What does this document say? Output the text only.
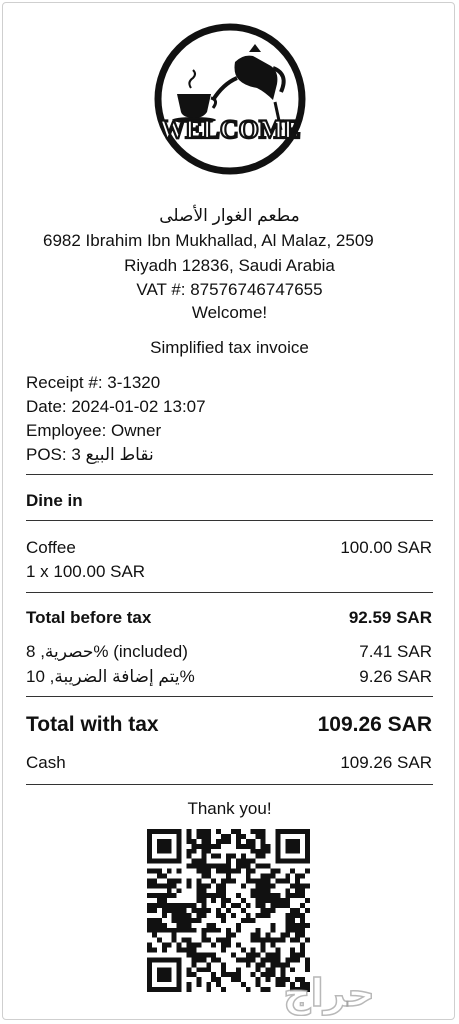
WELCOME
مطعم الغوار الأصلى
6982 Ibrahim Ibn Mukhallad, Al Malaz, 2509
Riyadh 12836, Saudi Arabia
VAT #: 87576746747655
Welcome!
Simplified tax invoice
Receipt #: 3-1320
Date: 2024-01-02 13:07
Employee: Owner
POS: 3 نقاط البيع
Dine in
Coffee	100.00 SAR
1 x 100.00 SAR
Total before tax	92.59 SAR
حصرية, 8% (included)	7.41 SAR
يتم إضافة الضريبة, 10%	9.26 SAR
Total with tax	109.26 SAR
Cash	109.26 SAR
Thank you!
حراج
